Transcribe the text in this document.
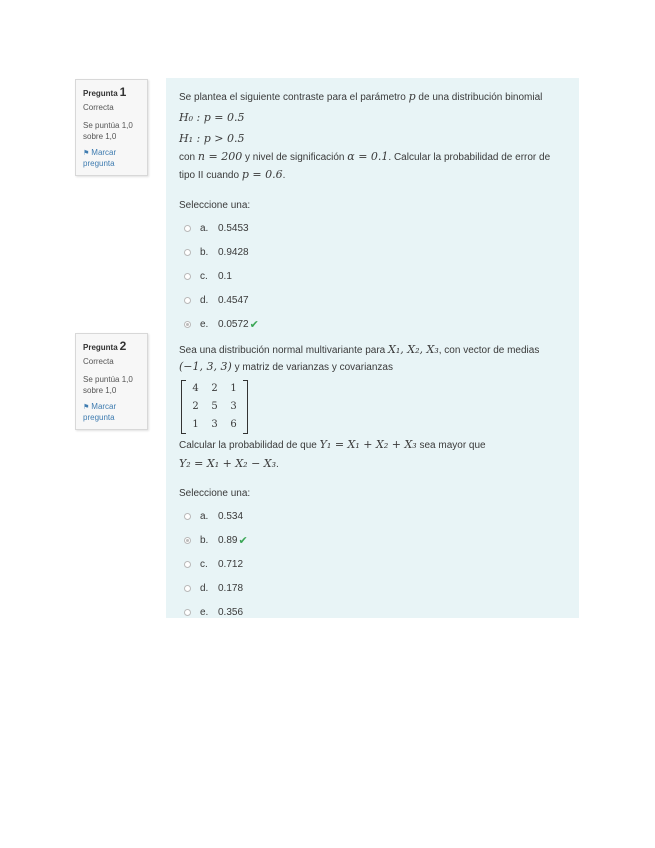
Pregunta 1
Correcta
Se puntúa 1,0
sobre 1,0
⚑ Marcar
pregunta
Se plantea el siguiente contraste para el parámetro p de una distribución binomial
H₀ : p = 0.5
H₁ : p > 0.5
con n = 200 y nivel de significación α = 0.1. Calcular la probabilidad de error de
tipo II cuando p = 0.6.
Seleccione una:
a. 0.5453
b. 0.9428
c.	0.1
d. 0.4547
e. 0.0572 ✔
Pregunta 2
Correcta
Se puntúa 1,0
sobre 1,0
⚑ Marcar
pregunta
Sea una distribución normal multivariante para X₁, X₂, X₃, con vector de medias
(−1, 3, 3) y matriz de varianzas y covarianzas
4	2	1
2	5	3
1	3	6
Calcular la probabilidad de que Y₁ = X₁ + X₂ + X₃ sea mayor que
Y₂ = X₁ + X₂ − X₃.
Seleccione una:
a. 0.534
b. 0.89 ✔
c.	0.712
d. 0.178
e. 0.356
